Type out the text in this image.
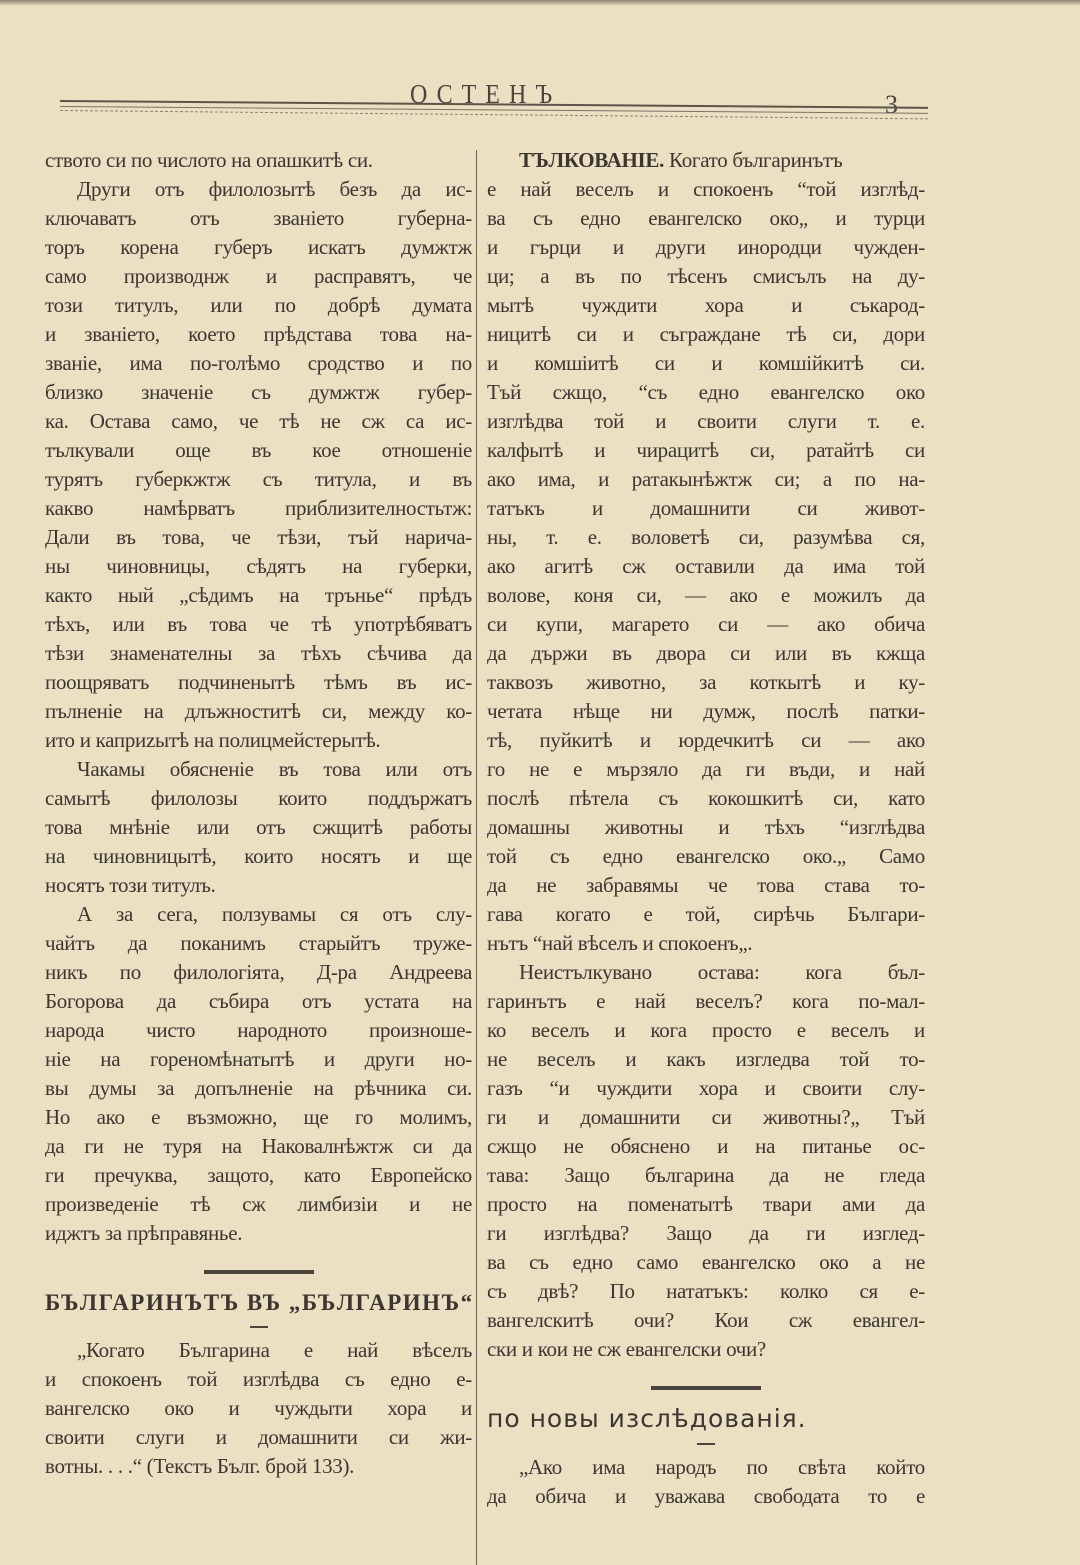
ОСТЕНЪ	3
ството си по числото на опашкитѣ си.
Други отъ филолозытѣ безъ да ис-
ключаватъ отъ званіето губерна-
торъ корена губеръ искатъ думжтж
само производнж и расправятъ, че
този титулъ, или по добрѣ думата
и званіето, което прѣдстава това на-
званіе, има по-голѣмо сродство и по
близко значеніе съ думжтж губер-
ка. Остава само, че тѣ не сж са ис-
тълкували още въ кое отношеніе
турятъ губеркжтж съ титула, и въ
какво намѣрватъ приблизителностьтж:
Дали въ това, че тѣзи, тъй нарича-
ны чиновницы, сѣдятъ на губерки,
както ный „сѣдимъ на трънье“ прѣдъ
тѣхъ, или въ това че тѣ употрѣбяватъ
тѣзи знаменателны за тѣхъ сѣчива да
поощряватъ подчиненытѣ тѣмъ въ ис-
пълненіе на длъжноститѣ си, между ко-
ито и каприzытѣ на полицмейстерытѣ.
Чакамы обясненіе въ това или отъ
самытѣ филолозы които поддържатъ
това мнѣніе или отъ сжщитѣ работы
на чиновницытѣ, които носятъ и ще
носятъ този титулъ.
А за сега, ползувамы ся отъ слу-
чайтъ да поканимъ старыйтъ труже-
никъ по филологіята, Д-ра Андреева
Богорова да събира отъ устата на
народа чисто народното произноше-
ніе на гореномѣнатытѣ и други но-
вы думы за допълненіе на рѣчника си.
Но ако е възможно, ще го молимъ,
да ги не туря на Наковалнѣжтж си да
ги пречуква, защото, като Европейско
произведеніе тѣ сж лимбизіи и не
иджтъ за прѣправянье.
БЪЛГАРИНЪТЪ ВЪ „БЪЛГАРИНЪ“
„Когато Българина е най вѣселъ
и спокоенъ той изглѣдва съ едно е-
вангелско око и чуждыти хора и
своити слуги и домашнити си жи-
вотны. . . .“ (Текстъ Бълг. брой 133).
ТЪЛКОВАНІЕ. Когато българинътъ
е най веселъ и спокоенъ “той изглѣд-
ва съ едно евангелско око„ и турци
и гърци и други инородци чужден-
ци; а въ по тѣсенъ смисълъ на ду-
мытѣ чуждити хора и съкарод-
ницитѣ си и съграждане тѣ си, дори
и комшіитѣ си и комшійкитѣ си.
Тъй сжщо, “съ едно евангелско око
изглѣдва той и своити слуги т. е.
калфытѣ и чирацитѣ си, ратайтѣ си
ако има, и ратакынѣжтж си; а по на-
татъкъ и домашнити си живот-
ны, т. е. воловетѣ си, разумѣва ся,
ако агитѣ сж оставили да има той
волове, коня си, — ако е можилъ да
си купи, магарето си — ако обича
да държи въ двора си или въ кжща
таквозъ животно, за коткытѣ и ку-
четата нѣще ни думж, послѣ патки-
тѣ, пуйкитѣ и юрдечкитѣ си — ако
го не е мързяло да ги въди, и най
послѣ пѣтела съ кокошкитѣ си, като
домашны животны и тѣхъ “изглѣдва
той съ едно евангелско око.„ Само
да не забравямы че това става то-
гава когато е той, сирѣчь Българи-
нътъ “най вѣселъ и спокоенъ„.
Неистълкувано остава: кога бъл-
гаринътъ е най веселъ? кога по-мал-
ко веселъ и кога просто е веселъ и
не веселъ и какъ изгледва той то-
газъ “и чуждити хора и своити слу-
ги и домашнити си животны?„ Тъй
сжщо не обяснено и на питанье ос-
тава: Защо българина да не гледа
просто на поменатытѣ твари ами да
ги изглѣдва? Защо да ги изглед-
ва съ едно само евангелско око а не
съ двѣ? По нататъкъ: колко ся е-
вангелскитѣ очи? Кои сж евангел-
ски и кои не сж евангелски очи?
по новы изслѣдованія.
„Ако има народъ по свѣта който
да обича и уважава свободата то е
